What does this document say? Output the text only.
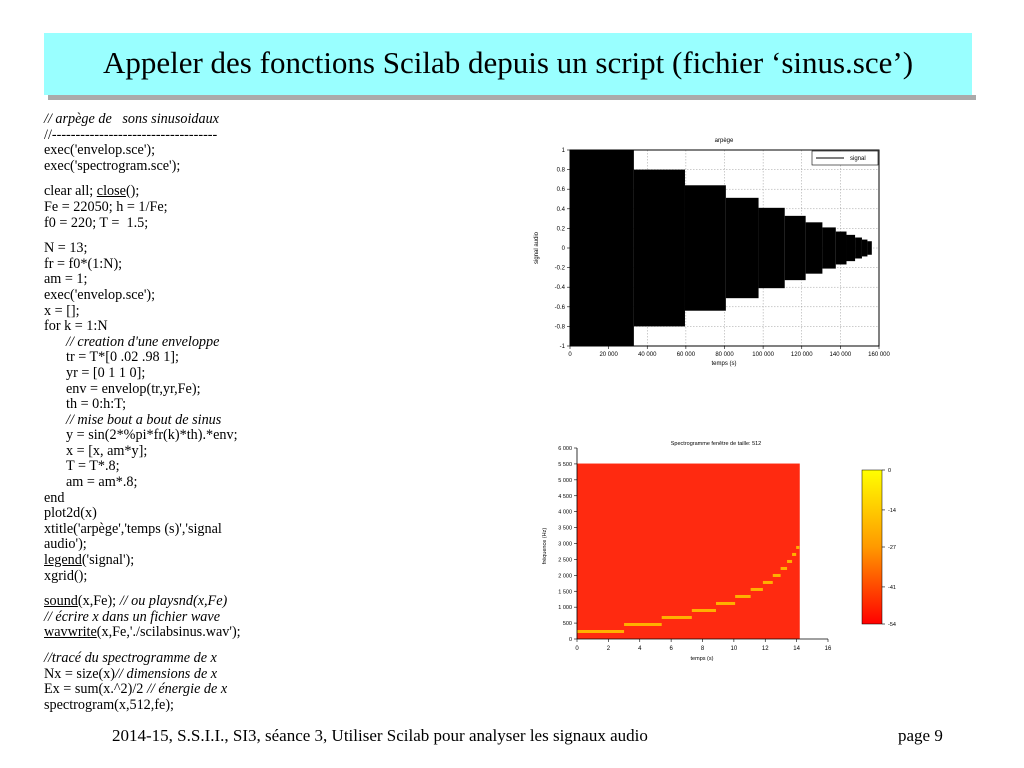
Appeler des fonctions Scilab depuis un script (fichier ‘sinus.sce’)
// arpège de   sons sinusoidaux
//-----------------------------------
exec('envelop.sce');
exec('spectrogram.sce');
clear all; close();
Fe = 22050; h = 1/Fe;
f0 = 220; T =  1.5;
N = 13;
fr = f0*(1:N);
am = 1;
exec('envelop.sce');
x = [];
for k = 1:N
// creation d'une enveloppe
tr = T*[0 .02 .98 1];
yr = [0 1 1 0];
env = envelop(tr,yr,Fe);
th = 0:h:T;
// mise bout a bout de sinus
y = sin(2*%pi*fr(k)*th).*env;
x = [x, am*y];
T = T*.8;
am = am*.8;
end
plot2d(x)
xtitle('arpège','temps (s)','signal
audio');
legend('signal');
xgrid();
sound(x,Fe); // ou playsnd(x,Fe)
// écrire x dans un fichier wave
wavwrite(x,Fe,'./scilabsinus.wav');
//tracé du spectrogramme de x
Nx = size(x)// dimensions de x
Ex = sum(x.^2)/2 // énergie de x
spectrogram(x,512,fe);
0	20 000	40 000	60 000	80 000	100 000	120 000	140 000	160 000
-1
-0.8
-0.6
-0.4
-0.2
0
0.2
0.4
0.6
0.8
1
arpège
temps (s)
signal audio
signal
0	2	4	6	8	10	12	14	16
0
500
1 000
1 500
2 000
2 500
3 000
3 500
4 000
4 500
5 000
5 500
6 000
Spectrogramme fenêtre de taille: 512
temps (s)
fréquence (Hz)
0
-14
-27
-41
-54
2014-15, S.S.I.I., SI3, séance 3, Utiliser Scilab pour analyser les signaux audio	page 9
